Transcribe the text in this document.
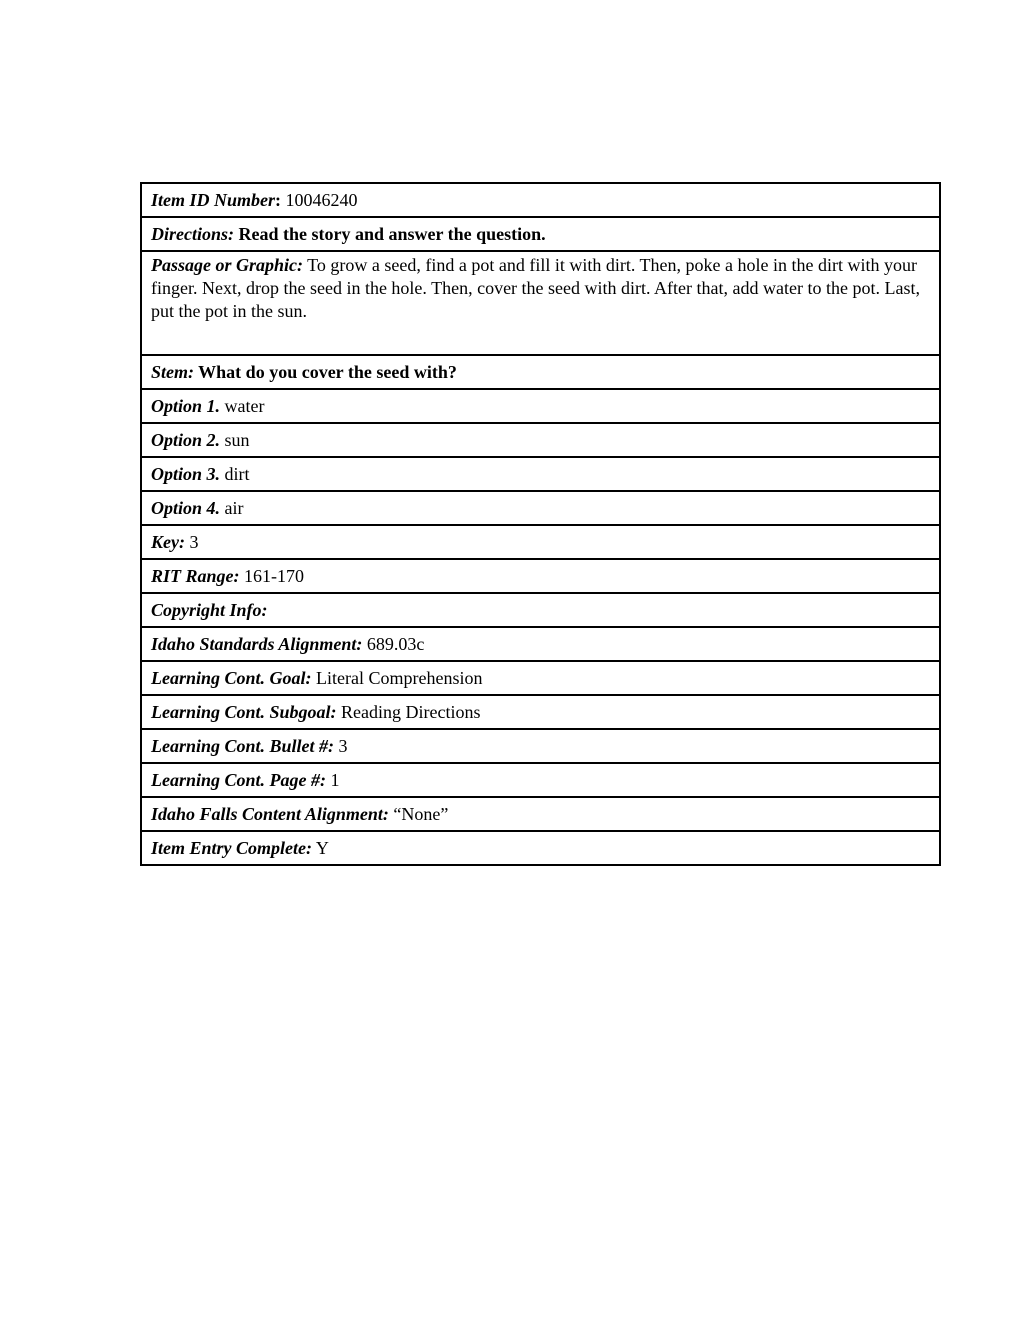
Item ID Number: 10046240
Directions: Read the story and answer the question.

Passage or Graphic: To grow a seed, find a pot and fill it with dirt. Then, poke a hole in the dirt with your finger. Next, drop the seed in the hole. Then, cover the seed with dirt. After that, add water to the pot. Last, put the pot in the sun.

Stem: What do you cover the seed with?
Option 1. water
Option 2. sun
Option 3. dirt
Option 4. air
Key: 3
RIT Range: 161-170
Copyright Info:
Idaho Standards Alignment: 689.03c
Learning Cont. Goal: Literal Comprehension
Learning Cont. Subgoal: Reading Directions
Learning Cont. Bullet #: 3
Learning Cont. Page #: 1
Idaho Falls Content Alignment: “None”
Item Entry Complete: Y
